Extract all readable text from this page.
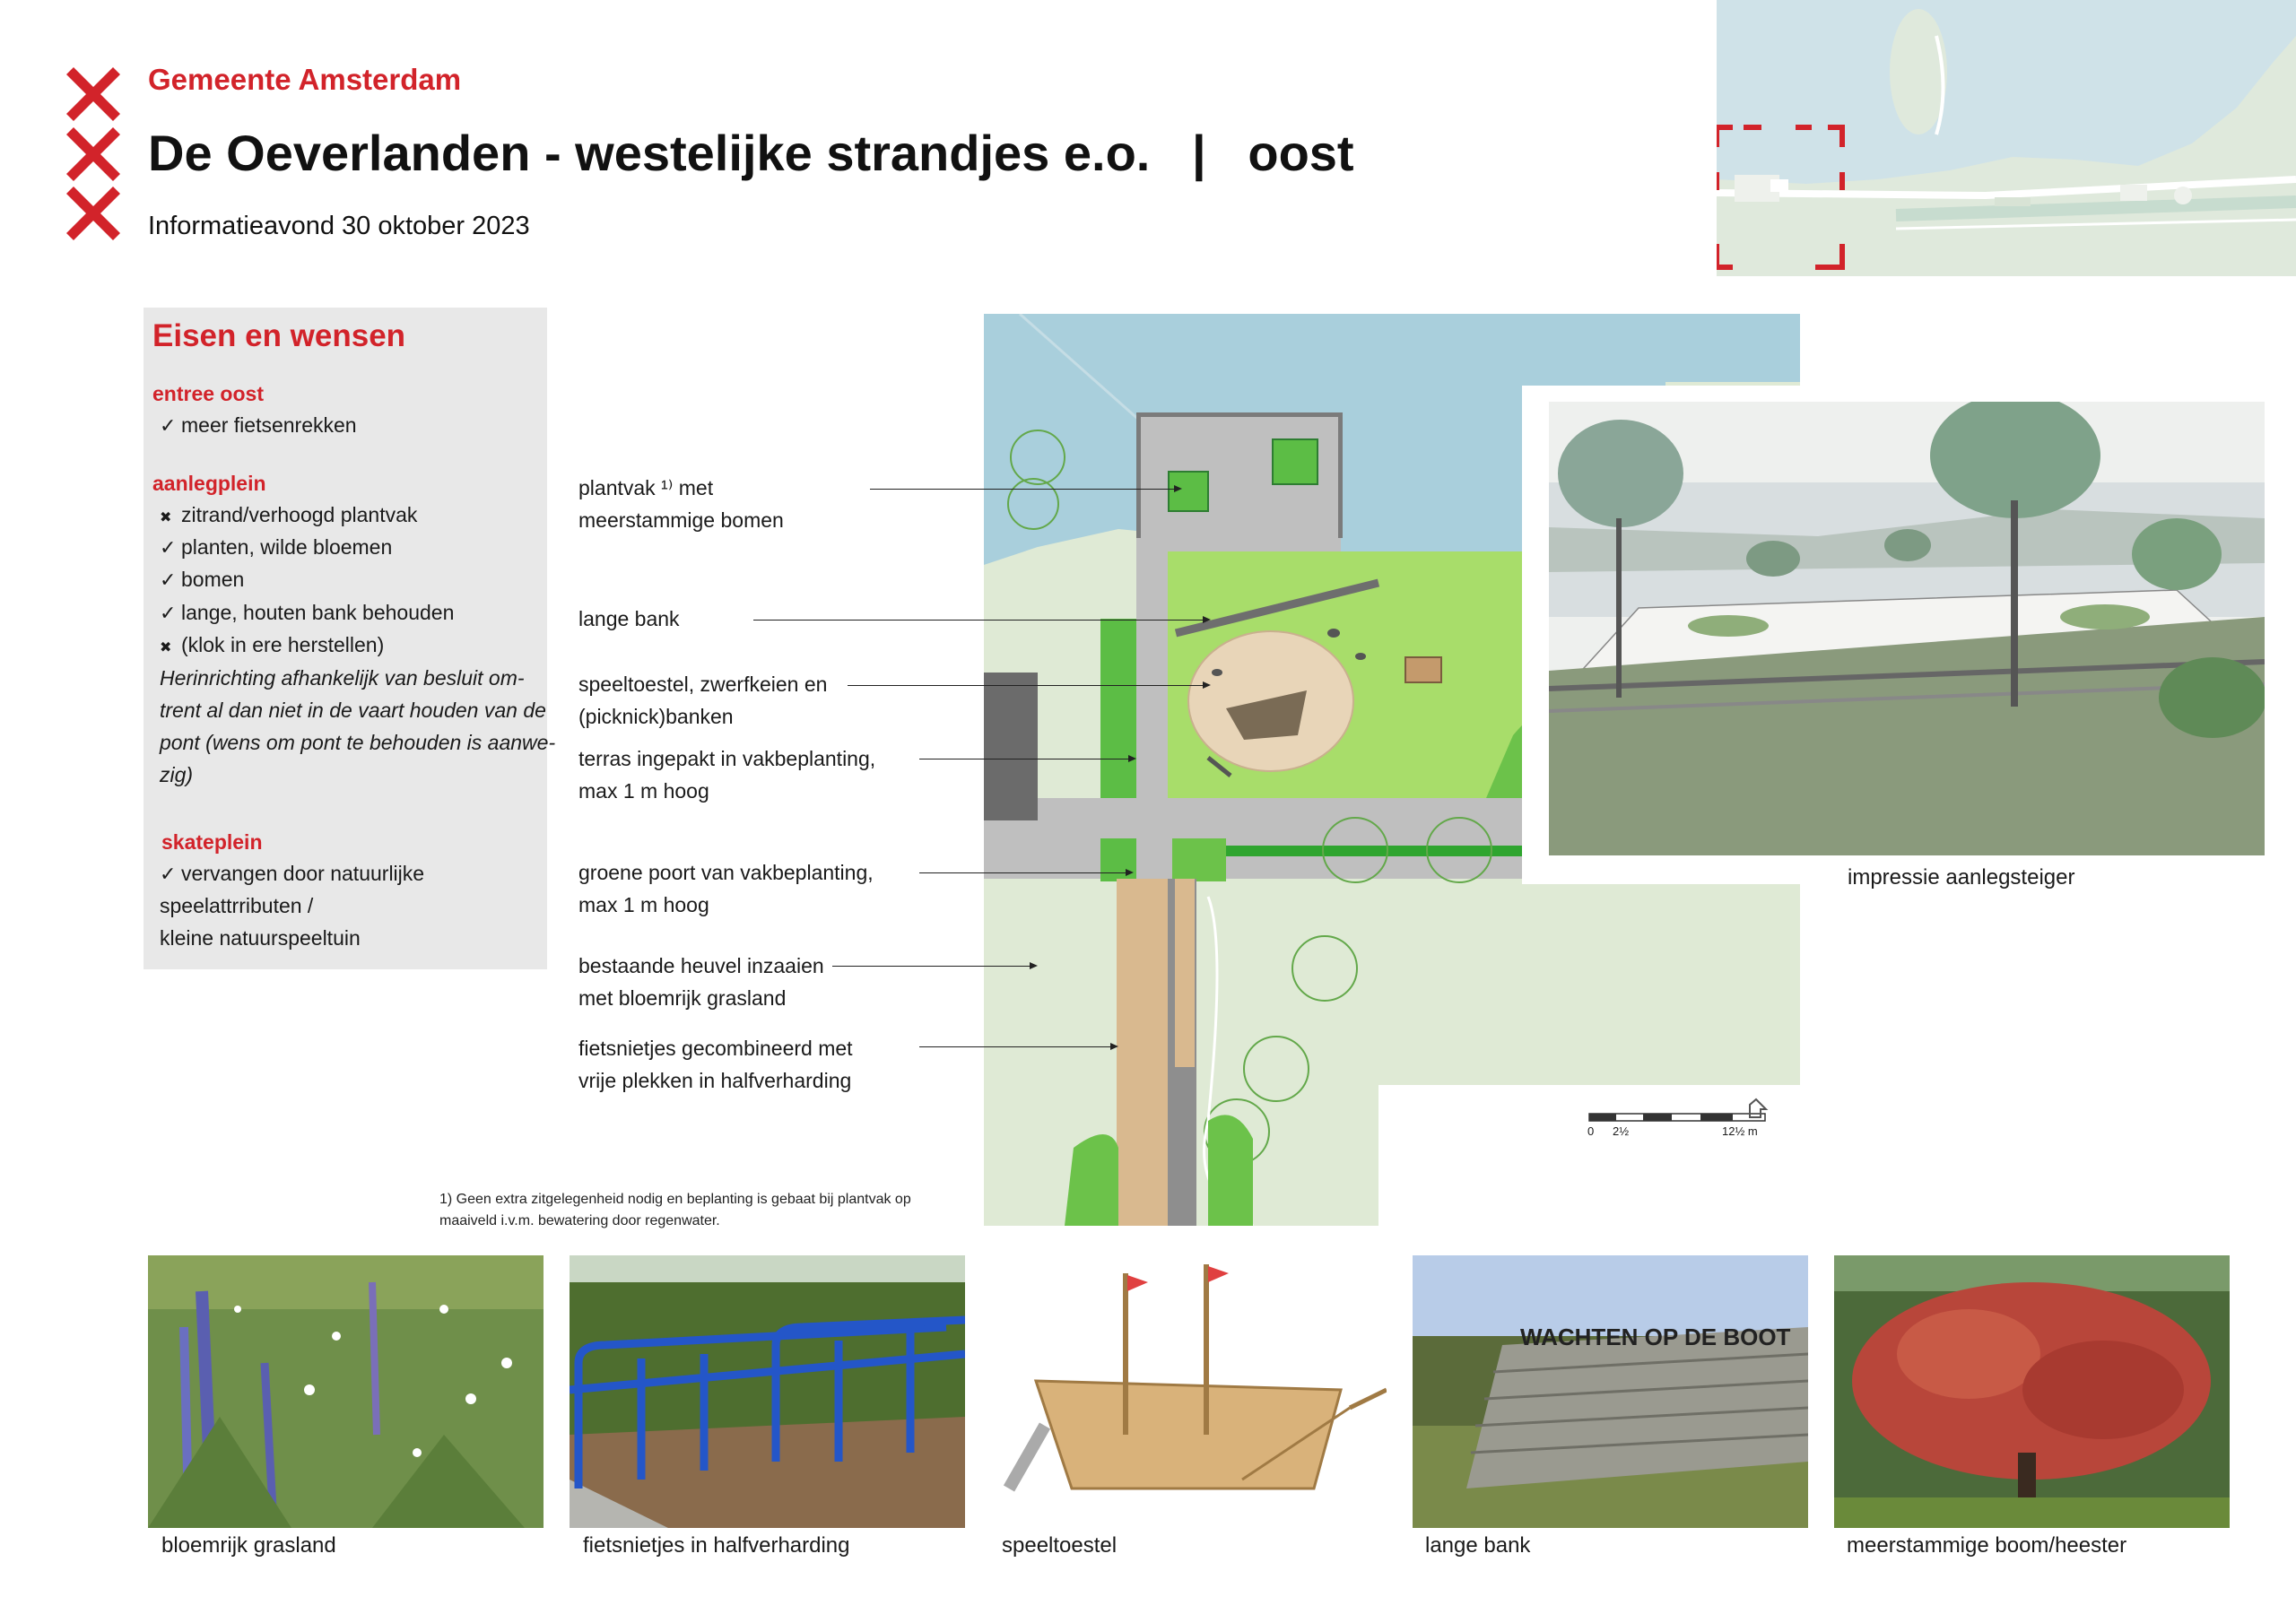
Gemeente Amsterdam
De Oeverlanden - westelijke strandjes e.o.   |   oost
Informatieavond 30 oktober 2023
Eisen en wensen
entree oost
✓ meer fietsenrekken
aanlegplein
✖ zitrand/verhoogd plantvak
✓ planten, wilde bloemen
✓ bomen
✓ lange, houten bank behouden
✖ (klok in ere herstellen)
Herinrichting afhankelijk van besluit om-
trent al dan niet in de vaart houden van de
pont (wens om pont te behouden is aanwe-
zig)
skateplein
✓ vervangen door natuurlijke
speelattrributen /
kleine natuurspeeltuin
0 2½	12½ m
impressie aanlegsteiger
plantvak ¹⁾ met
meerstammige bomen
lange bank
speeltoestel, zwerfkeien en
(picknick)banken
terras ingepakt in vakbeplanting,
max 1 m hoog
groene poort van vakbeplanting,
max 1 m hoog
bestaande heuvel inzaaien
met bloemrijk grasland
fietsnietjes gecombineerd met
vrije plekken in halfverharding
1) Geen extra zitgelegenheid nodig en beplanting is gebaat bij plantvak op
maaiveld i.v.m. bewatering door regenwater.
WACHTEN OP DE BOOT
bloemrijk grasland	fietsnietjes in halfverharding	speeltoestel	lange bank	meerstammige boom/heester
